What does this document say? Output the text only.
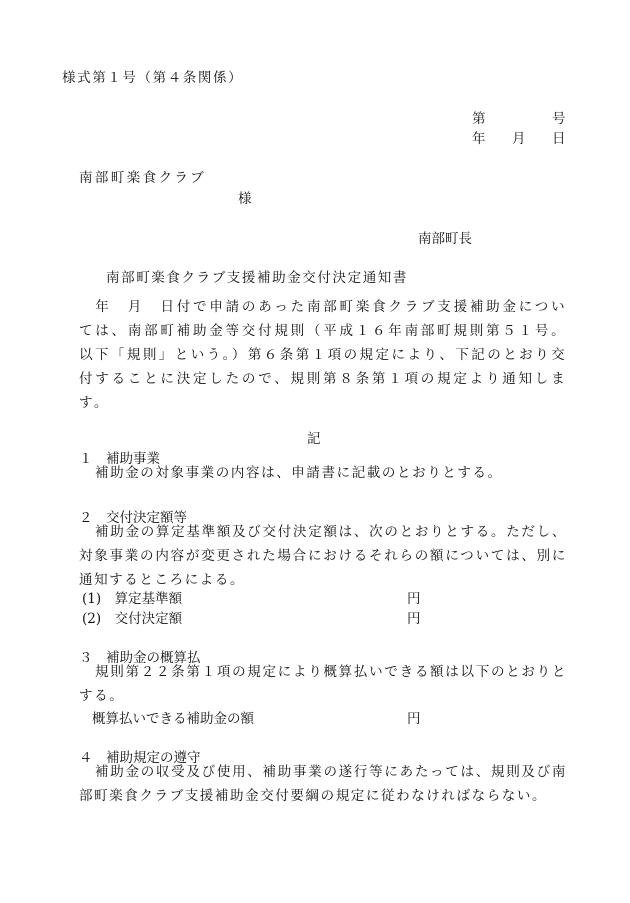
様式第１号（第４条関係）
第	号
年 月 日
南部町楽食クラブ
様
南部町長
南部町楽食クラブ支援補助金交付決定通知書

　年　月　日付で申請のあった南部町楽食クラブ支援補助金については、南部町補助金等交付規則（平成１６年南部町規則第５１号。以下「規則」という。）第６条第１項の規定により、下記のとおり交付することに決定したので、規則第８条第１項の規定より通知します。

記
１　補助事業

補助金の対象事業の内容は、申請書に記載のとおりとする。

２　交付決定額等

補助金の算定基準額及び交付決定額は、次のとおりとする。ただし、対象事業の内容が変更された場合におけるそれらの額については、別に通知するところによる。

(1)　算定基準額	円
(2)　交付決定額	円
３　補助金の概算払

規則第２２条第１項の規定により概算払いできる額は以下のとおりとする。

概算払いできる補助金の額	円
４　補助規定の遵守

補助金の収受及び使用、補助事業の遂行等にあたっては、規則及び南部町楽食クラブ支援補助金交付要綱の規定に従わなければならない。
